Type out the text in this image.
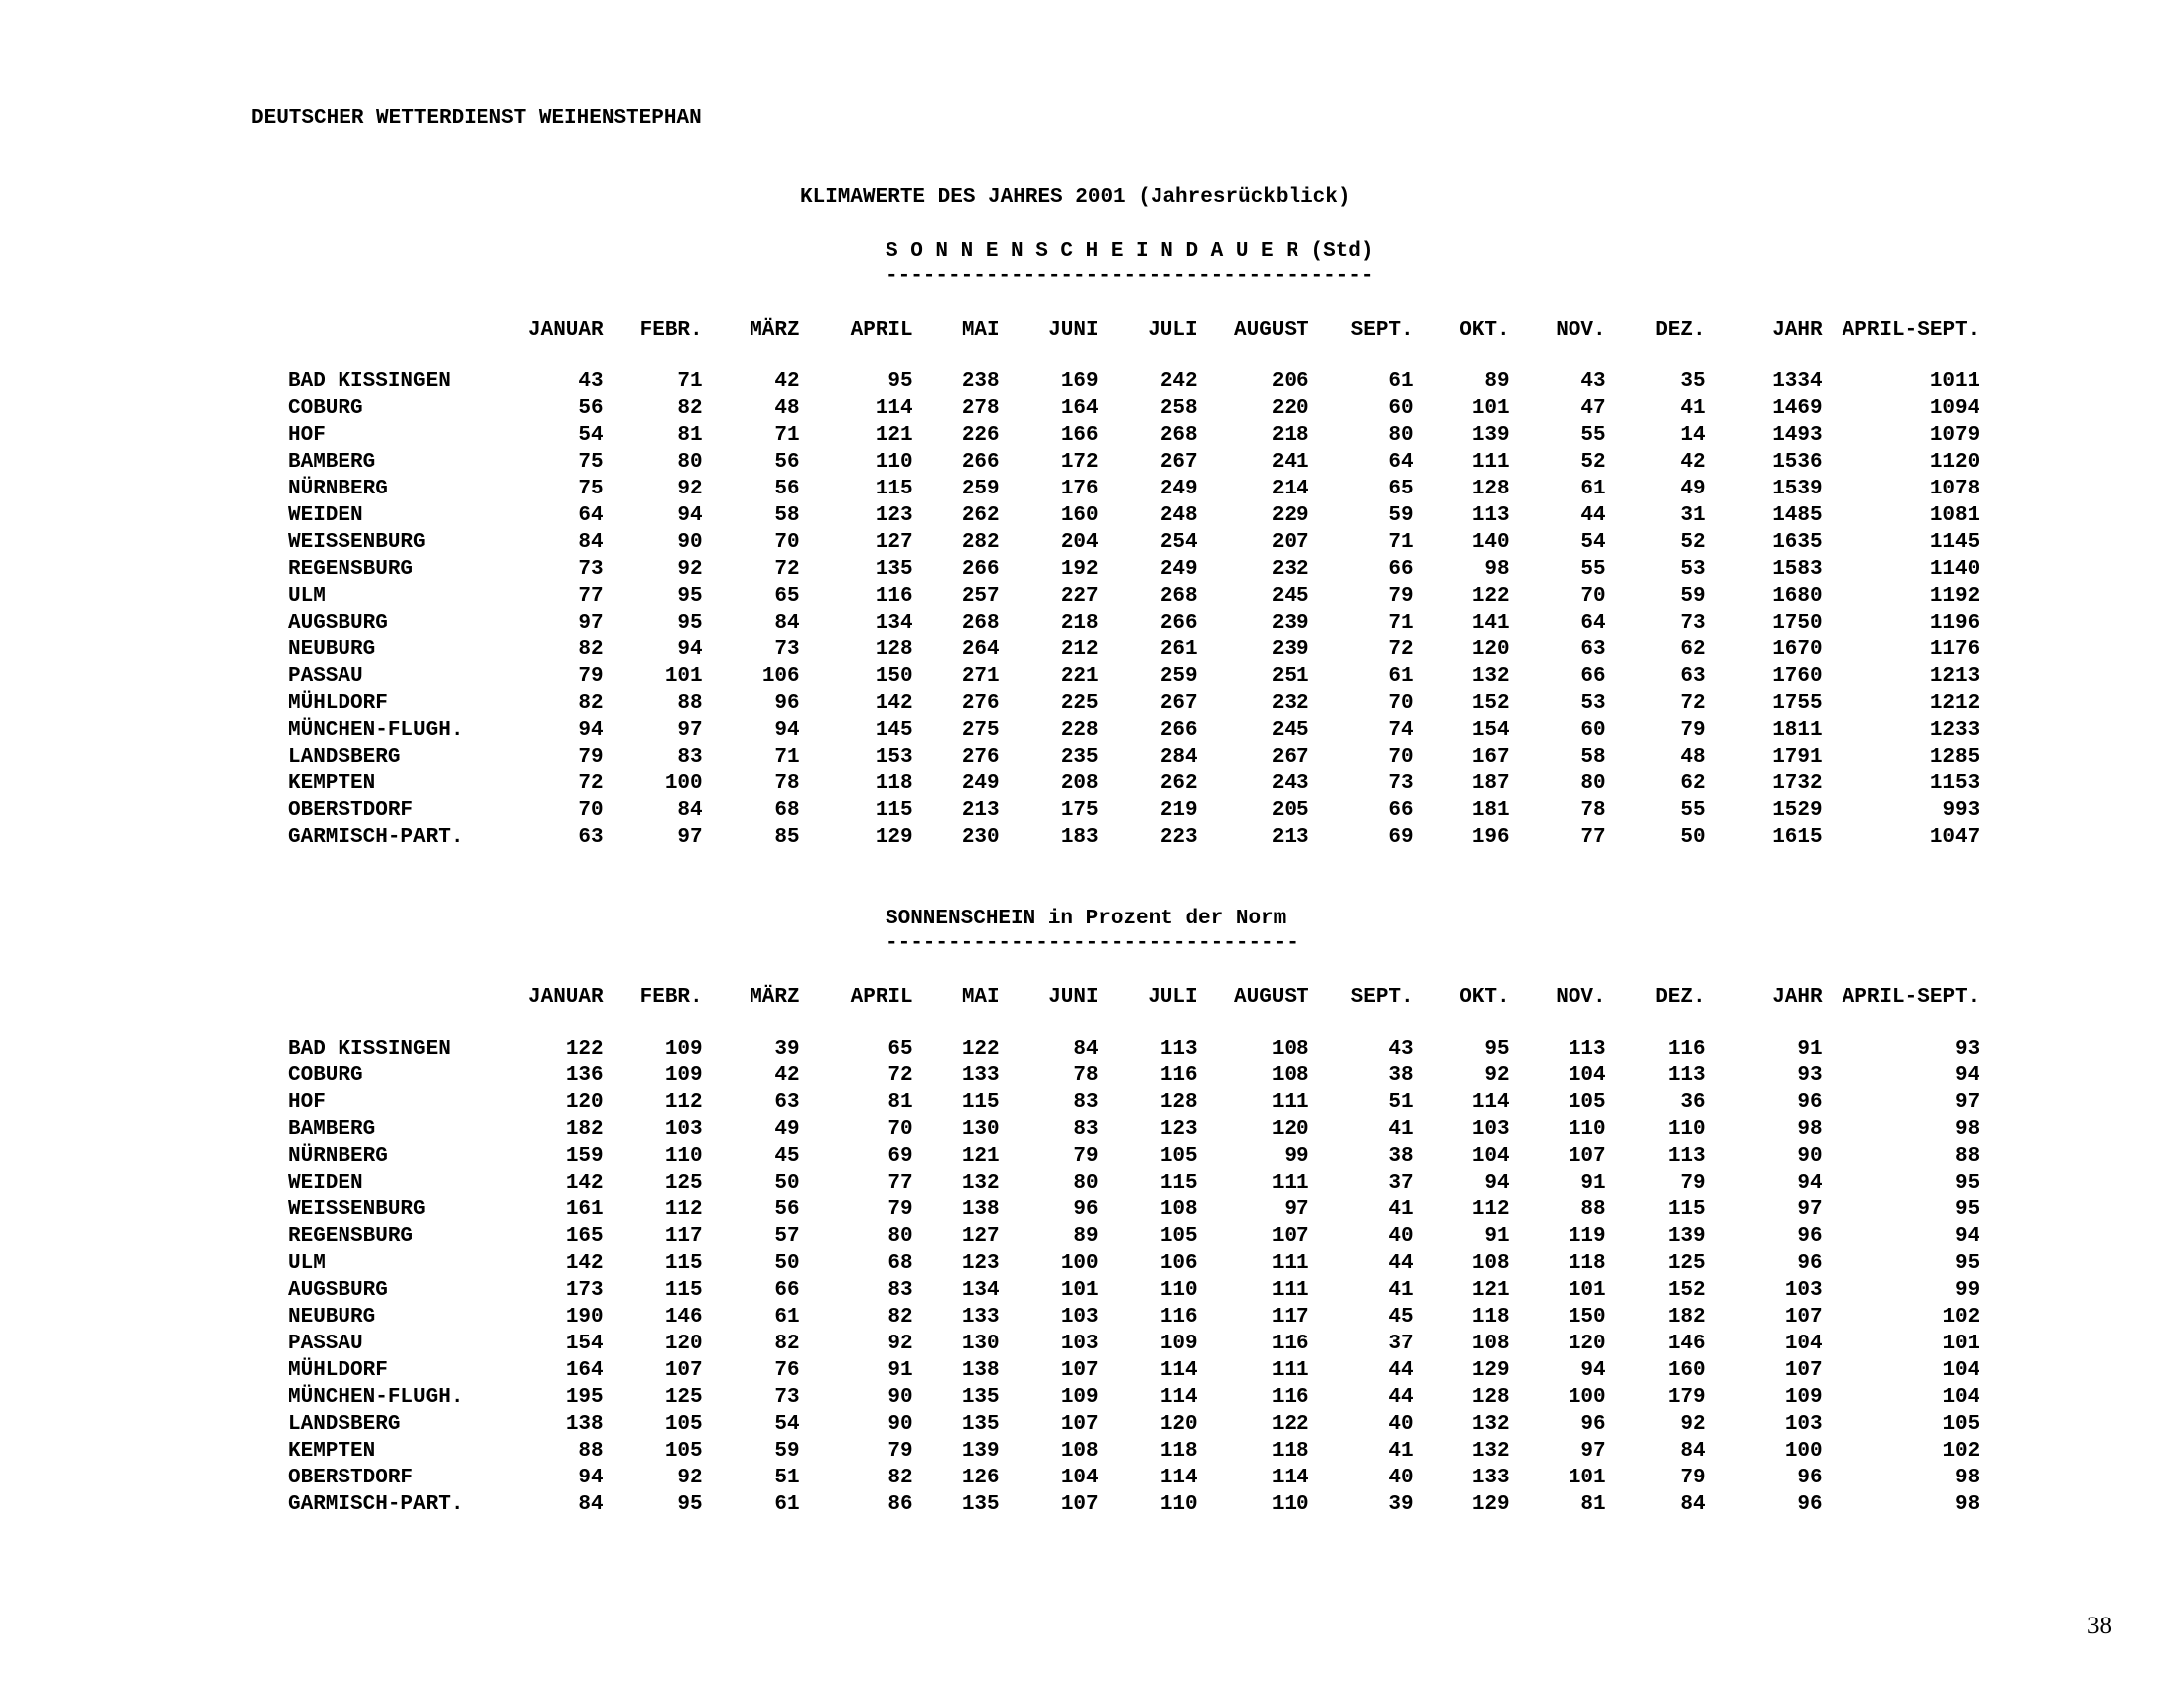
DEUTSCHER WETTERDIENST WEIHENSTEPHAN
KLIMAWERTE DES JAHRES 2001 (Jahresrückblick)
S O N N E N S C H E I N D A U E R (Std)
---------------------------------------
	JANUAR	FEBR.	MÄRZ	APRIL	MAI	JUNI	JULI	AUGUST	SEPT.	OKT.	NOV.	DEZ.	JAHR	APRIL-SEPT.
BAD KISSINGEN	43	71	42	95	238	169	242	206	61	89	43	35	1334	1011
COBURG	56	82	48	114	278	164	258	220	60	101	47	41	1469	1094
HOF	54	81	71	121	226	166	268	218	80	139	55	14	1493	1079
BAMBERG	75	80	56	110	266	172	267	241	64	111	52	42	1536	1120
NÜRNBERG	75	92	56	115	259	176	249	214	65	128	61	49	1539	1078
WEIDEN	64	94	58	123	262	160	248	229	59	113	44	31	1485	1081
WEISSENBURG	84	90	70	127	282	204	254	207	71	140	54	52	1635	1145
REGENSBURG	73	92	72	135	266	192	249	232	66	98	55	53	1583	1140
ULM	77	95	65	116	257	227	268	245	79	122	70	59	1680	1192
AUGSBURG	97	95	84	134	268	218	266	239	71	141	64	73	1750	1196
NEUBURG	82	94	73	128	264	212	261	239	72	120	63	62	1670	1176
PASSAU	79	101	106	150	271	221	259	251	61	132	66	63	1760	1213
MÜHLDORF	82	88	96	142	276	225	267	232	70	152	53	72	1755	1212
MÜNCHEN-FLUGH.	94	97	94	145	275	228	266	245	74	154	60	79	1811	1233
LANDSBERG	79	83	71	153	276	235	284	267	70	167	58	48	1791	1285
KEMPTEN	72	100	78	118	249	208	262	243	73	187	80	62	1732	1153
OBERSTDORF	70	84	68	115	213	175	219	205	66	181	78	55	1529	993
GARMISCH-PART.	63	97	85	129	230	183	223	213	69	196	77	50	1615	1047
SONNENSCHEIN in Prozent der Norm
---------------------------------
	JANUAR	FEBR.	MÄRZ	APRIL	MAI	JUNI	JULI	AUGUST	SEPT.	OKT.	NOV.	DEZ.	JAHR	APRIL-SEPT.
BAD KISSINGEN	122	109	39	65	122	84	113	108	43	95	113	116	91	93
COBURG	136	109	42	72	133	78	116	108	38	92	104	113	93	94
HOF	120	112	63	81	115	83	128	111	51	114	105	36	96	97
BAMBERG	182	103	49	70	130	83	123	120	41	103	110	110	98	98
NÜRNBERG	159	110	45	69	121	79	105	99	38	104	107	113	90	88
WEIDEN	142	125	50	77	132	80	115	111	37	94	91	79	94	95
WEISSENBURG	161	112	56	79	138	96	108	97	41	112	88	115	97	95
REGENSBURG	165	117	57	80	127	89	105	107	40	91	119	139	96	94
ULM	142	115	50	68	123	100	106	111	44	108	118	125	96	95
AUGSBURG	173	115	66	83	134	101	110	111	41	121	101	152	103	99
NEUBURG	190	146	61	82	133	103	116	117	45	118	150	182	107	102
PASSAU	154	120	82	92	130	103	109	116	37	108	120	146	104	101
MÜHLDORF	164	107	76	91	138	107	114	111	44	129	94	160	107	104
MÜNCHEN-FLUGH.	195	125	73	90	135	109	114	116	44	128	100	179	109	104
LANDSBERG	138	105	54	90	135	107	120	122	40	132	96	92	103	105
KEMPTEN	88	105	59	79	139	108	118	118	41	132	97	84	100	102
OBERSTDORF	94	92	51	82	126	104	114	114	40	133	101	79	96	98
GARMISCH-PART.	84	95	61	86	135	107	110	110	39	129	81	84	96	98
38
